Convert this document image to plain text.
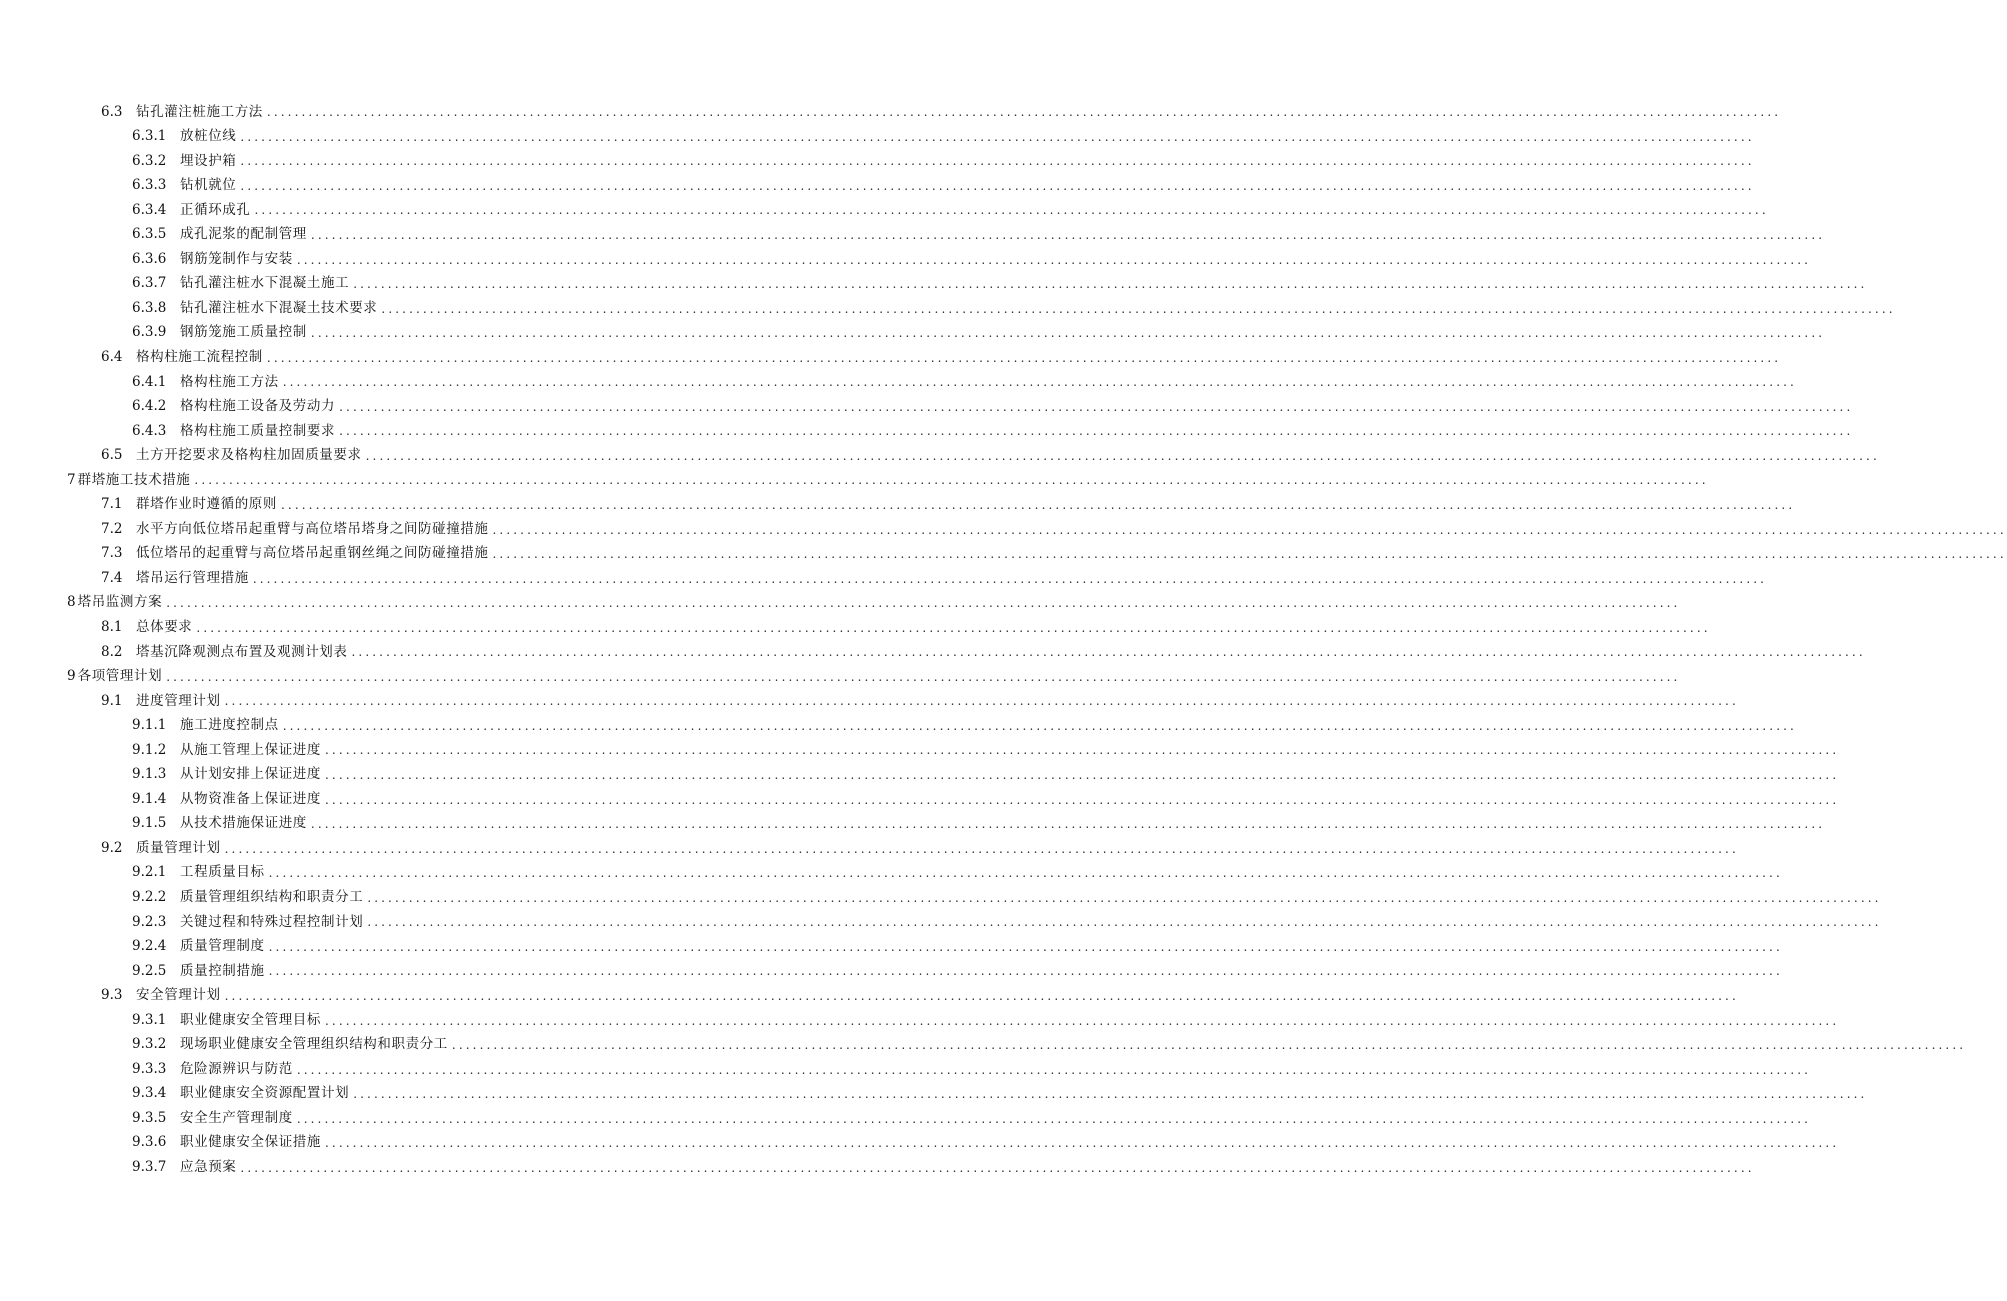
6.3	钻孔灌注桩施工方法 ...........................................................................................................................................................................................................................
6.3.1	放桩位线 ...........................................................................................................................................................................................................................
6.3.2	埋设护箱 ...........................................................................................................................................................................................................................
6.3.3	钻机就位 ...........................................................................................................................................................................................................................
6.3.4	正循环成孔 ...........................................................................................................................................................................................................................
6.3.5	成孔泥浆的配制管理 ...........................................................................................................................................................................................................................
6.3.6	钢筋笼制作与安装 ...........................................................................................................................................................................................................................
6.3.7	钻孔灌注桩水下混凝土施工 ...........................................................................................................................................................................................................................
6.3.8	钻孔灌注桩水下混凝土技术要求 ...........................................................................................................................................................................................................................
6.3.9	钢筋笼施工质量控制 ...........................................................................................................................................................................................................................
6.4	格构柱施工流程控制 ...........................................................................................................................................................................................................................
6.4.1	格构柱施工方法 ...........................................................................................................................................................................................................................
6.4.2	格构柱施工设备及劳动力 ...........................................................................................................................................................................................................................
6.4.3	格构柱施工质量控制要求 ...........................................................................................................................................................................................................................
6.5	土方开挖要求及格构柱加固质量要求 ...........................................................................................................................................................................................................................
7 群塔施工技术措施 ...........................................................................................................................................................................................................................
7.1	群塔作业时遵循的原则 ...........................................................................................................................................................................................................................
7.2	水平方向低位塔吊起重臂与高位塔吊塔身之间防碰撞措施 ...........................................................................................................................................................................................................................
7.3	低位塔吊的起重臂与高位塔吊起重钢丝绳之间防碰撞措施 ...........................................................................................................................................................................................................................
7.4	塔吊运行管理措施 ...........................................................................................................................................................................................................................
8 塔吊监测方案 ...........................................................................................................................................................................................................................
8.1	总体要求 ...........................................................................................................................................................................................................................
8.2	塔基沉降观测点布置及观测计划表 ...........................................................................................................................................................................................................................
9 各项管理计划 ...........................................................................................................................................................................................................................
9.1	进度管理计划 ...........................................................................................................................................................................................................................
9.1.1	施工进度控制点 ...........................................................................................................................................................................................................................
9.1.2	从施工管理上保证进度 ...........................................................................................................................................................................................................................
9.1.3	从计划安排上保证进度 ...........................................................................................................................................................................................................................
9.1.4	从物资准备上保证进度 ...........................................................................................................................................................................................................................
9.1.5	从技术措施保证进度 ...........................................................................................................................................................................................................................
9.2	质量管理计划 ...........................................................................................................................................................................................................................
9.2.1	工程质量目标 ...........................................................................................................................................................................................................................
9.2.2	质量管理组织结构和职责分工 ...........................................................................................................................................................................................................................
9.2.3	关键过程和特殊过程控制计划 ...........................................................................................................................................................................................................................
9.2.4	质量管理制度 ...........................................................................................................................................................................................................................
9.2.5	质量控制措施 ...........................................................................................................................................................................................................................
9.3	安全管理计划 ...........................................................................................................................................................................................................................
9.3.1	职业健康安全管理目标 ...........................................................................................................................................................................................................................
9.3.2	现场职业健康安全管理组织结构和职责分工 ...........................................................................................................................................................................................................................
9.3.3	危险源辨识与防范 ...........................................................................................................................................................................................................................
9.3.4	职业健康安全资源配置计划 ...........................................................................................................................................................................................................................
9.3.5	安全生产管理制度 ...........................................................................................................................................................................................................................
9.3.6	职业健康安全保证措施 ...........................................................................................................................................................................................................................
9.3.7	应急预案 ...........................................................................................................................................................................................................................
